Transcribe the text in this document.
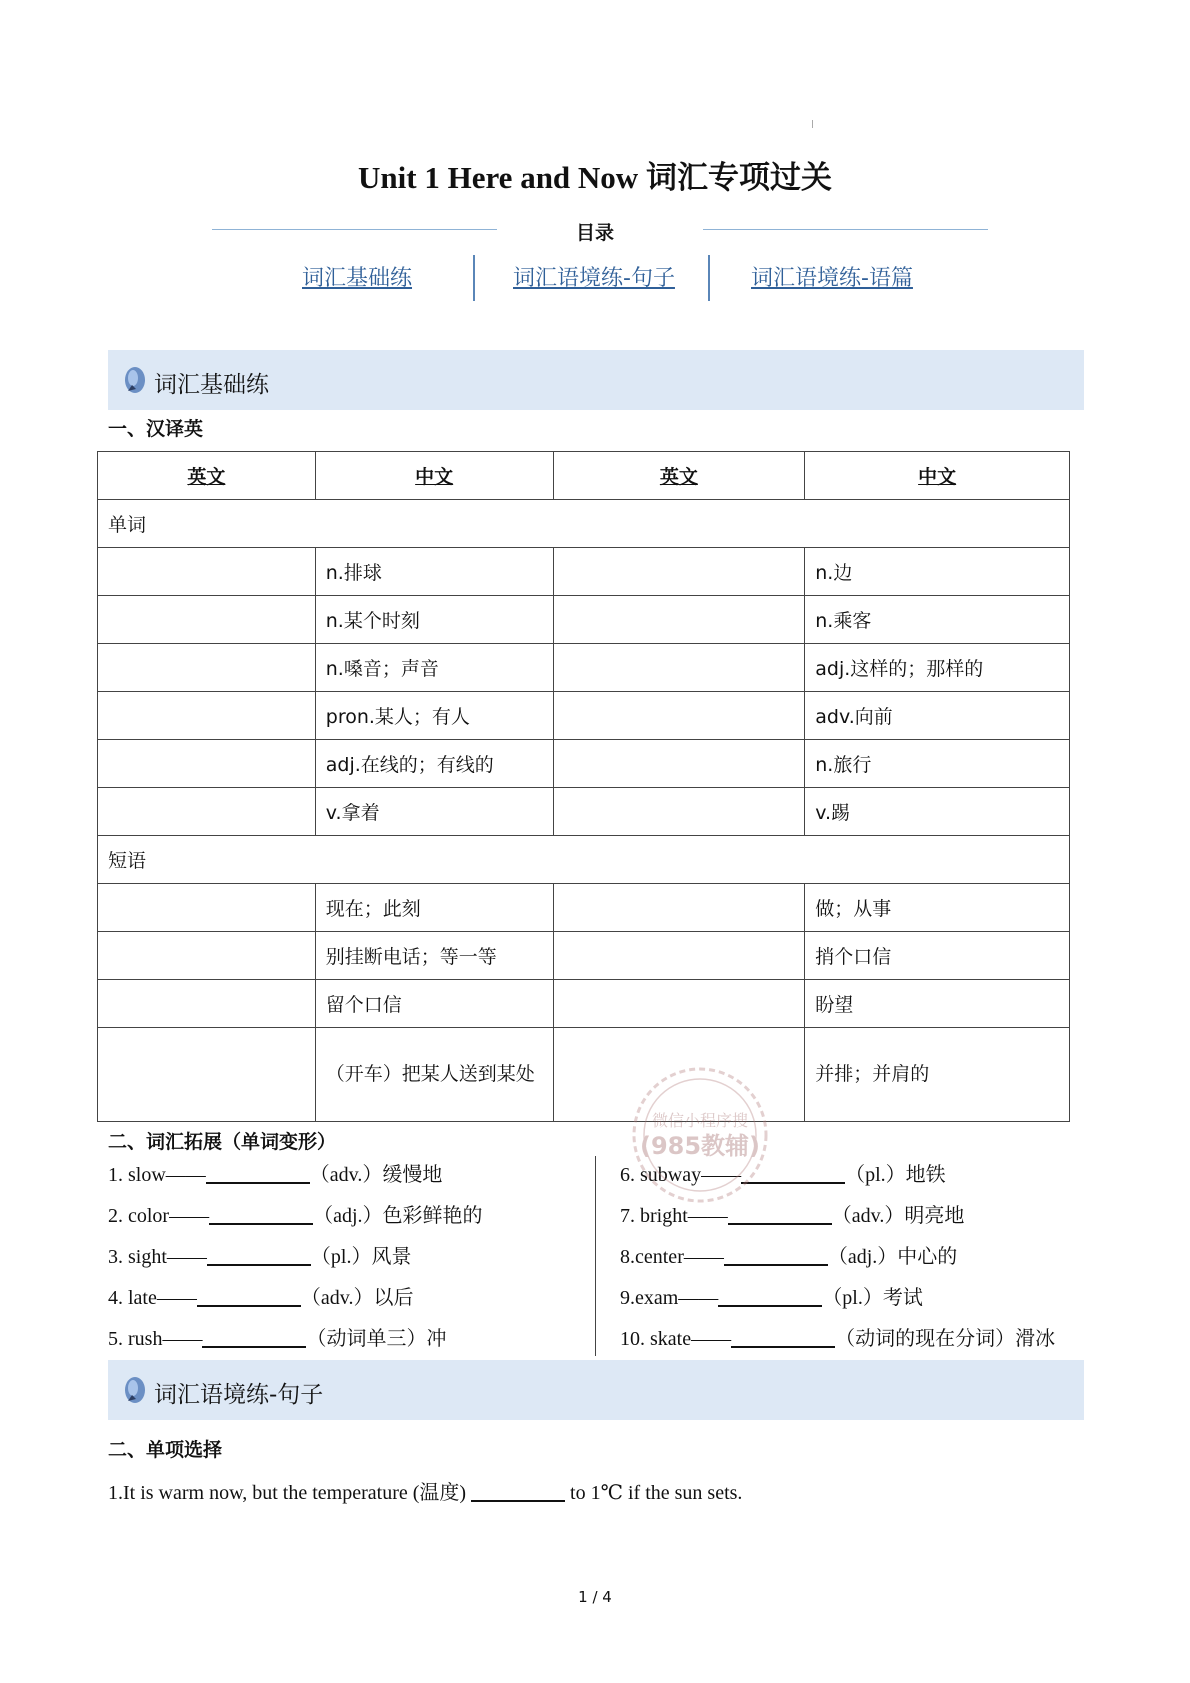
Unit 1 Here and Now 词汇专项过关
目录
词汇基础练	词汇语境练-句子	词汇语境练-语篇
词汇基础练
一、汉译英
英文	中文	英文	中文
单词			
	n.排球		n.边
	n.某个时刻		n.乘客
	n.嗓音；声音		adj.这样的；那样的
	pron.某人；有人		adv.向前
	adj.在线的；有线的		n.旅行
	v.拿着		v.踢
短语			
	现在；此刻		做；从事
	别挂断电话；等一等		捎个口信
	留个口信		盼望
	（开车）把某人送到某处		并排；并肩的
二、词汇拓展（单词变形）
1. slow——	（adv.）缓慢地
2. color——	（adj.）色彩鲜艳的
3. sight——	（pl.）风景
4. late——	（adv.）以后
5. rush——	（动词单三）冲
6. subway——	（pl.）地铁
7. bright——	（adv.）明亮地
8.center——	（adj.）中心的
9.exam——	（pl.）考试
10. skate——	（动词的现在分词）滑冰
词汇语境练-句子
二、单项选择
1.It is warm now, but the temperature (温度)	to 1℃ if the sun sets.
微信小程序搜
(985教辅)
1 / 4
